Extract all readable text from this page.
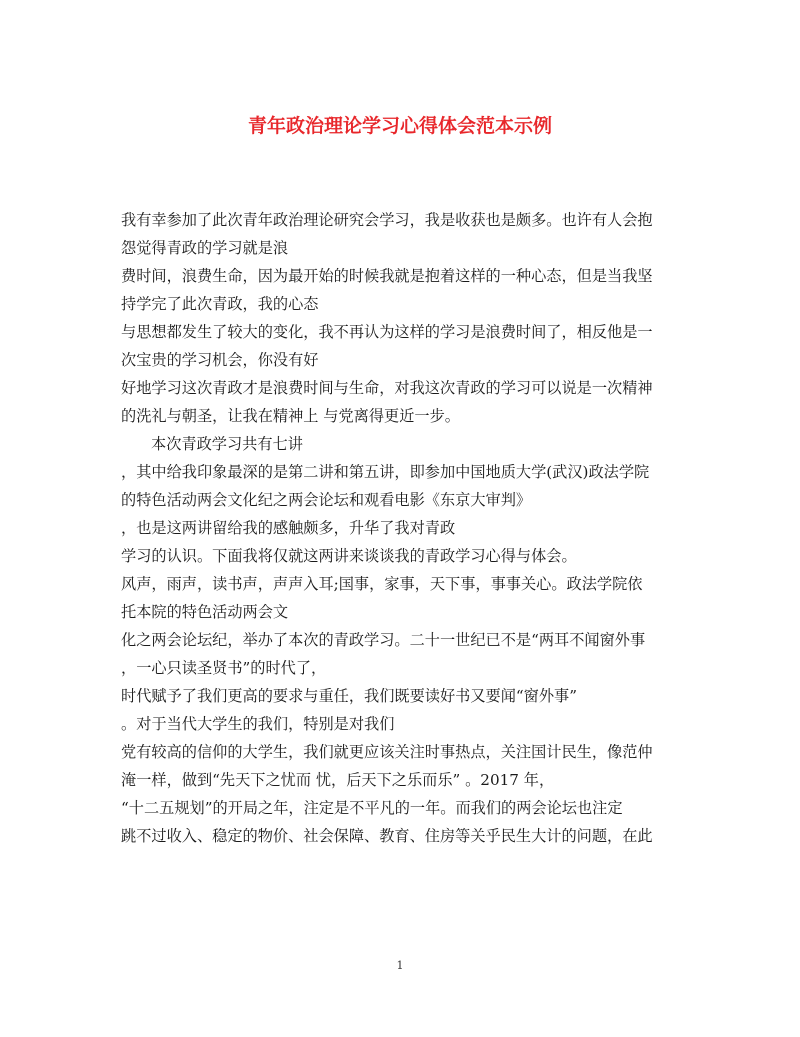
青年政治理论学习心得体会范本示例
我有幸参加了此次青年政治理论研究会学习，我是收获也是颇多。也许有人会抱
怨觉得青政的学习就是浪
费时间，浪费生命，因为最开始的时候我就是抱着这样的一种心态，但是当我坚
持学完了此次青政，我的心态
与思想都发生了较大的变化，我不再认为这样的学习是浪费时间了，相反他是一
次宝贵的学习机会，你没有好
好地学习这次青政才是浪费时间与生命，对我这次青政的学习可以说是一次精神
的洗礼与朝圣，让我在精神上 与党离得更近一步。
本次青政学习共有七讲
，其中给我印象最深的是第二讲和第五讲，即参加中国地质大学(武汉)政法学院
的特色活动两会文化纪之两会论坛和观看电影《东京大审判》
，也是这两讲留给我的感触颇多，升华了我对青政
学习的认识。下面我将仅就这两讲来谈谈我的青政学习心得与体会。
风声，雨声，读书声，声声入耳;国事，家事，天下事，事事关心。政法学院依
托本院的特色活动两会文
化之两会论坛纪，举办了本次的青政学习。二十一世纪已不是“两耳不闻窗外事
，一心只读圣贤书”的时代了，
时代赋予了我们更高的要求与重任，我们既要读好书又要闻“窗外事”
。对于当代大学生的我们，特别是对我们
党有较高的信仰的大学生，我们就更应该关注时事热点，关注国计民生，像范仲
淹一样，做到“先天下之忧而 忧，后天下之乐而乐” 。2017 年，
“十二五规划”的开局之年，注定是不平凡的一年。而我们的两会论坛也注定
跳不过收入、稳定的物价、社会保障、教育、住房等关乎民生大计的问题，在此
1
